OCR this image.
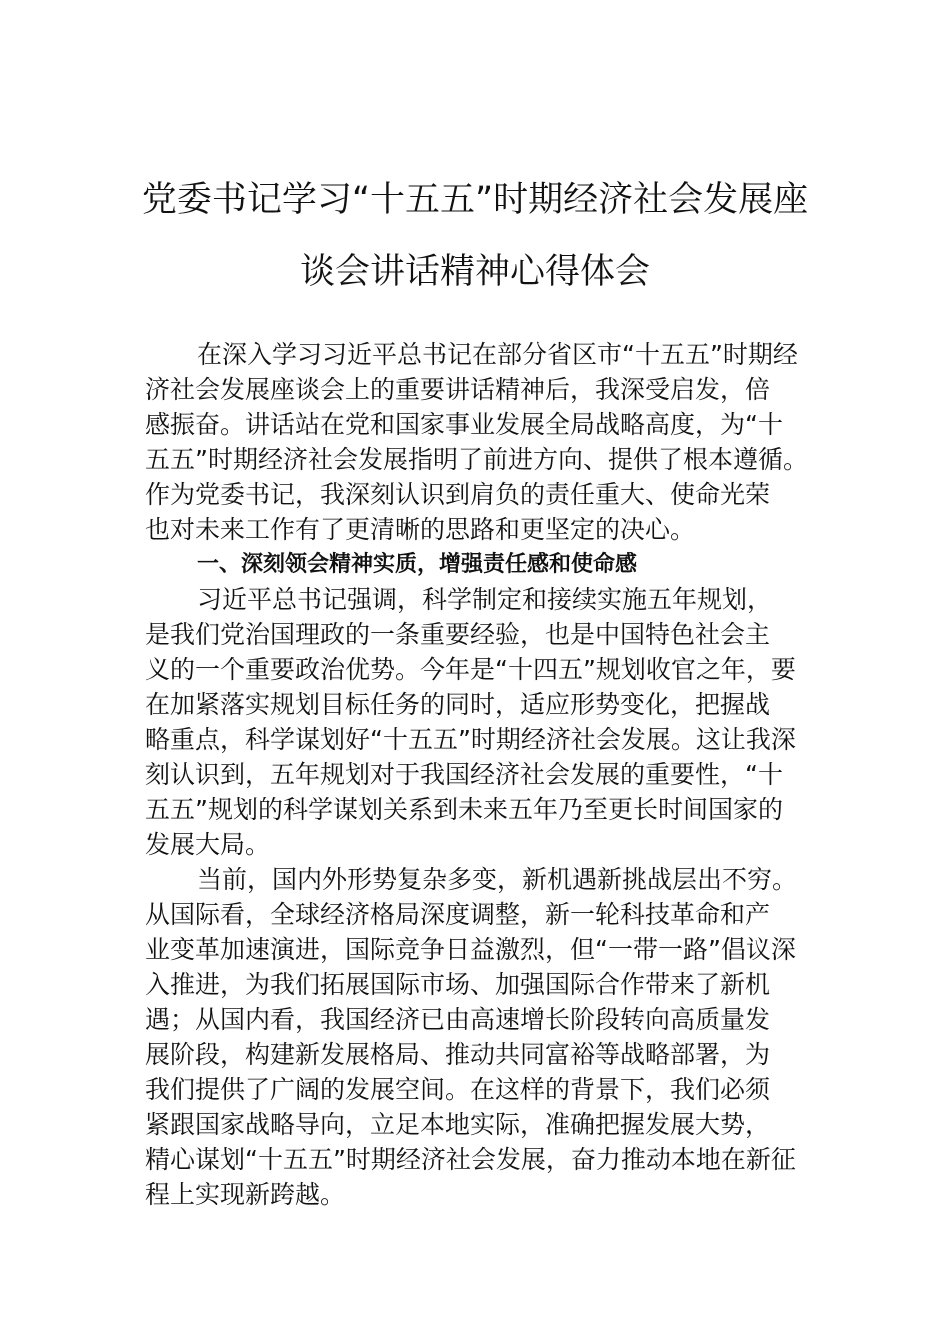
党委书记学习“十五五”时期经济社会发展座
谈会讲话精神心得体会
在深入学习习近平总书记在部分省区市“十五五”时期经
济社会发展座谈会上的重要讲话精神后，我深受启发，倍
感振奋。讲话站在党和国家事业发展全局战略高度，为“十
五五”时期经济社会发展指明了前进方向、提供了根本遵循。
作为党委书记，我深刻认识到肩负的责任重大、使命光荣
也对未来工作有了更清晰的思路和更坚定的决心。
一、深刻领会精神实质，增强责任感和使命感
习近平总书记强调，科学制定和接续实施五年规划，
是我们党治国理政的一条重要经验，也是中国特色社会主
义的一个重要政治优势。今年是“十四五”规划收官之年，要
在加紧落实规划目标任务的同时，适应形势变化，把握战
略重点，科学谋划好“十五五”时期经济社会发展。这让我深
刻认识到，五年规划对于我国经济社会发展的重要性，“十
五五”规划的科学谋划关系到未来五年乃至更长时间国家的
发展大局。
当前，国内外形势复杂多变，新机遇新挑战层出不穷。
从国际看，全球经济格局深度调整，新一轮科技革命和产
业变革加速演进，国际竞争日益激烈，但“一带一路”倡议深
入推进，为我们拓展国际市场、加强国际合作带来了新机
遇；从国内看，我国经济已由高速增长阶段转向高质量发
展阶段，构建新发展格局、推动共同富裕等战略部署，为
我们提供了广阔的发展空间。在这样的背景下，我们必须
紧跟国家战略导向，立足本地实际，准确把握发展大势，
精心谋划“十五五”时期经济社会发展，奋力推动本地在新征
程上实现新跨越。
